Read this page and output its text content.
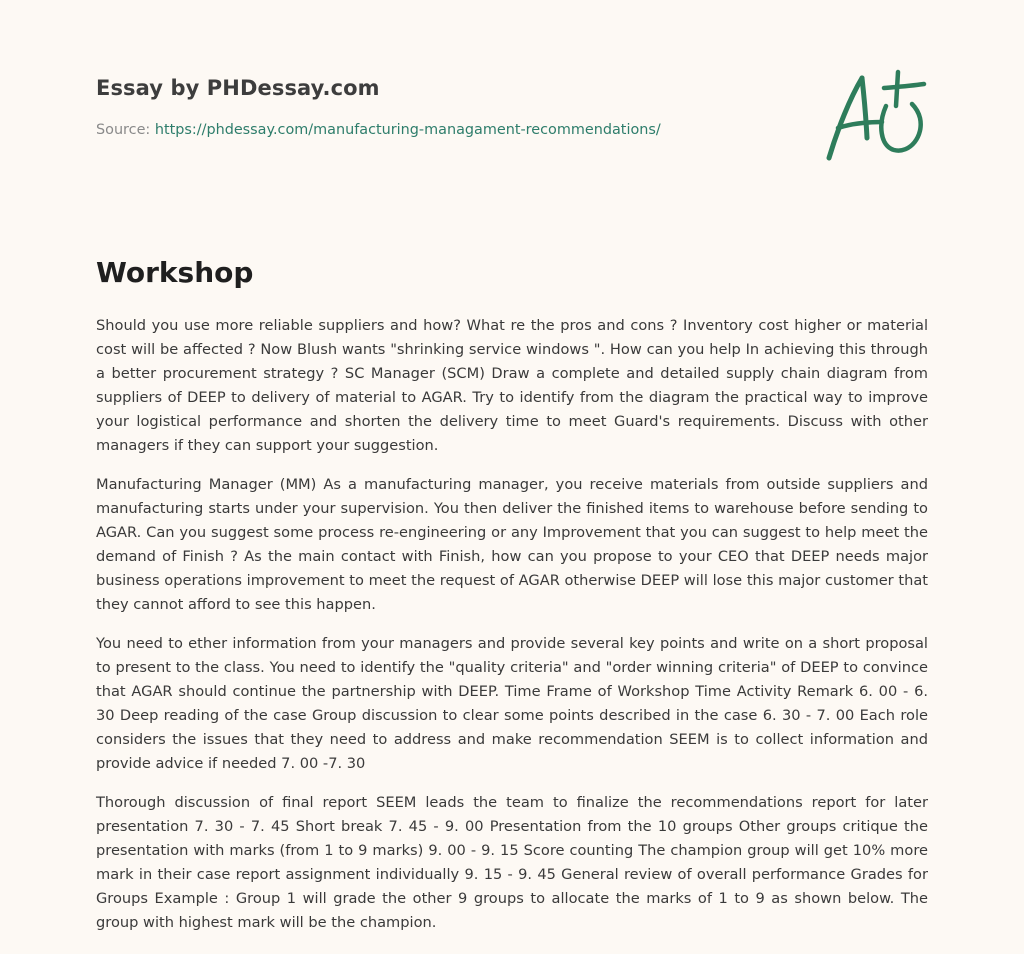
Essay by PHDessay.com
Source: https://phdessay.com/manufacturing-managament-recommendations/
Workshop

Should you use more reliable suppliers and how? What re the pros and cons ? Inventory cost higher or material cost will be affected ? Now Blush wants "shrinking service windows ". How can you help In achieving this through a better procurement strategy ? SC Manager (SCM) Draw a complete and detailed supply chain diagram from suppliers of DEEP to delivery of material to AGAR. Try to identify from the diagram the practical way to improve your logistical performance and shorten the delivery time to meet Guard's requirements. Discuss with other managers if they can support your suggestion.

Manufacturing Manager (MM) As a manufacturing manager, you receive materials from outside suppliers and manufacturing starts under your supervision. You then deliver the finished items to warehouse before sending to AGAR. Can you suggest some process re-engineering or any Improvement that you can suggest to help meet the demand of Finish ? As the main contact with Finish, how can you propose to your CEO that DEEP needs major business operations improvement to meet the request of AGAR otherwise DEEP will lose this major customer that they cannot afford to see this happen.

You need to ether information from your managers and provide several key points and write on a short proposal to present to the class. You need to identify the "quality criteria" and "order winning criteria" of DEEP to convince that AGAR should continue the partnership with DEEP. Time Frame of Workshop Time Activity Remark 6. 00 - 6. 30 Deep reading of the case Group discussion to clear some points described in the case 6. 30 - 7. 00 Each role considers the issues that they need to address and make recommendation SEEM is to collect information and provide advice if needed 7. 00 -7. 30

Thorough discussion of final report SEEM leads the team to finalize the recommendations report for later presentation 7. 30 - 7. 45 Short break 7. 45 - 9. 00 Presentation from the 10 groups Other groups critique the presentation with marks (from 1 to 9 marks) 9. 00 - 9. 15 Score counting The champion group will get 10% more mark in their case report assignment individually 9. 15 - 9. 45 General review of overall performance Grades for Groups Example : Group 1 will grade the other 9 groups to allocate the marks of 1 to 9 as shown below. The group with highest mark will be the champion.
